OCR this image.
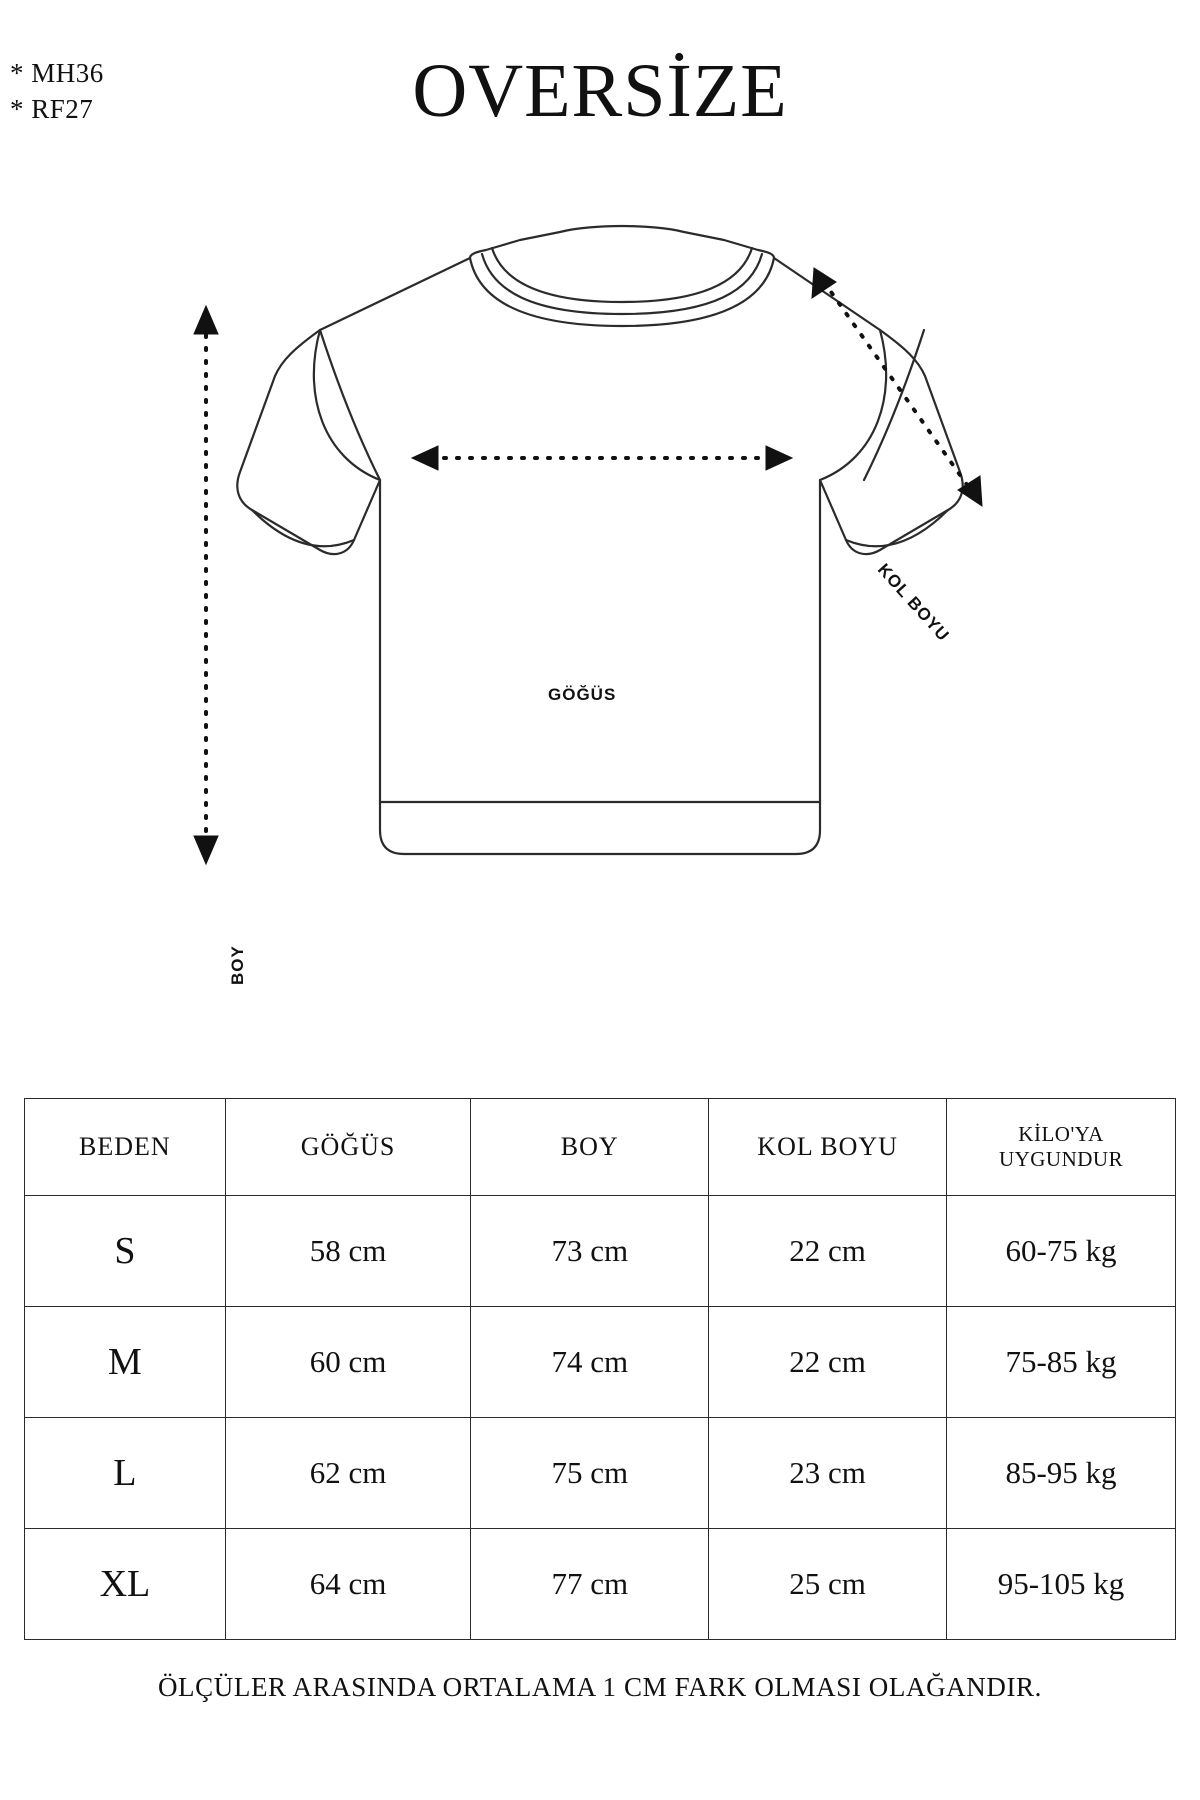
* MH36
* RF27	OVERSİZE
GÖĞÜS
BOY
KOL BOYU
BEDEN	GÖĞÜS	BOY	KOL BOYU	KİLO'YA
UYGUNDUR
S	58 cm	73 cm	22 cm	60-75 kg
M	60 cm	74 cm	22 cm	75-85 kg
L	62 cm	75 cm	23 cm	85-95 kg
XL	64 cm	77 cm	25 cm	95-105 kg
ÖLÇÜLER ARASINDA ORTALAMA 1 CM FARK OLMASI OLAĞANDIR.
